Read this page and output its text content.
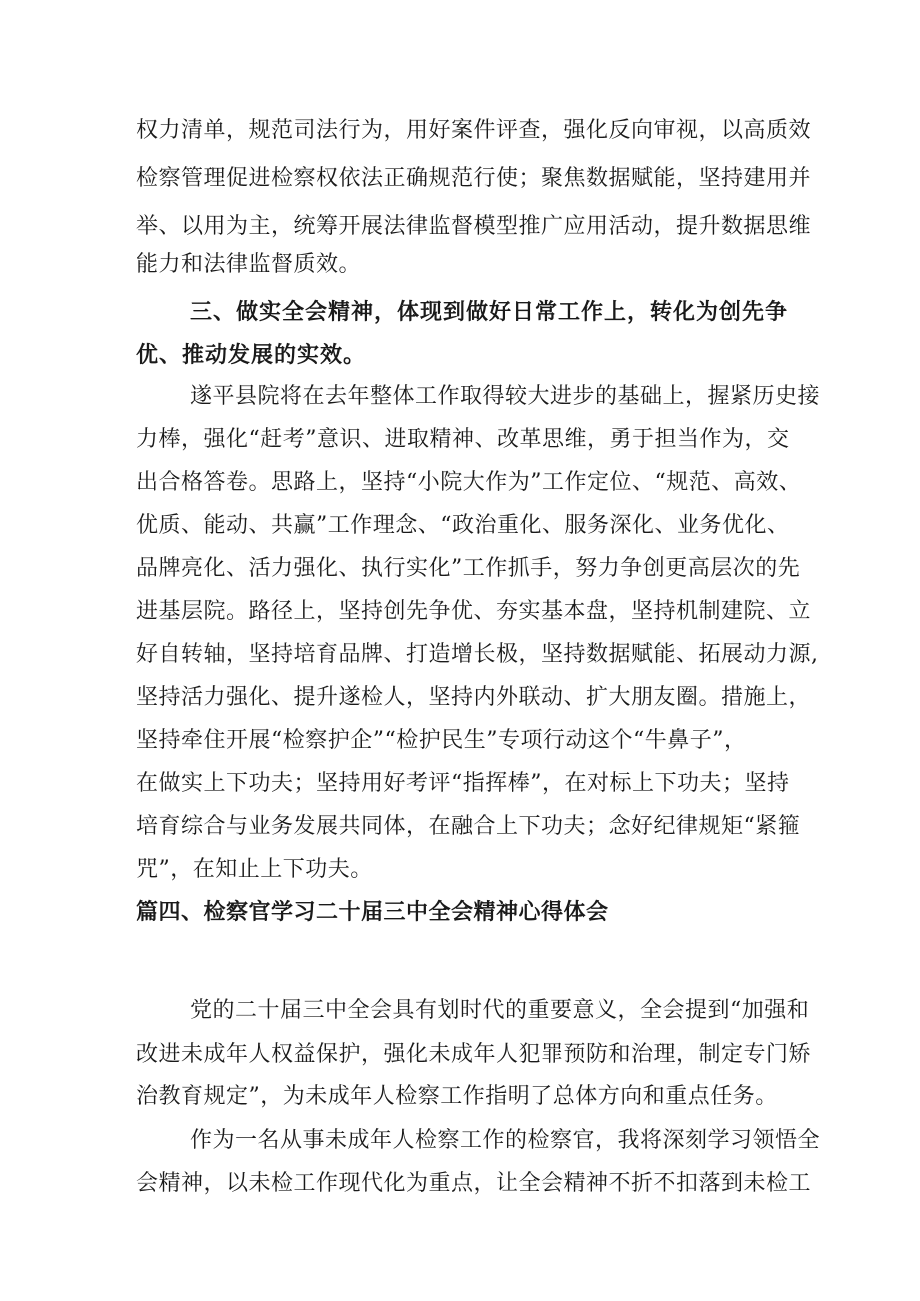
权力清单，规范司法行为，用好案件评查，强化反向审视，以高质效
检察管理促进检察权依法正确规范行使；聚焦数据赋能，坚持建用并
举、以用为主，统筹开展法律监督模型推广应用活动，提升数据思维
能力和法律监督质效。
三、做实全会精神，体现到做好日常工作上，转化为创先争
优、推动发展的实效。
遂平县院将在去年整体工作取得较大进步的基础上，握紧历史接
力棒，强化“赶考”意识、进取精神、改革思维，勇于担当作为，交
出合格答卷。思路上，坚持“小院大作为”工作定位、“规范、高效、
优质、能动、共赢”工作理念、“政治重化、服务深化、业务优化、
品牌亮化、活力强化、执行实化”工作抓手，努力争创更高层次的先
进基层院。路径上，坚持创先争优、夯实基本盘，坚持机制建院、立
好自转轴，坚持培育品牌、打造增长极，坚持数据赋能、拓展动力源,
坚持活力强化、提升遂检人，坚持内外联动、扩大朋友圈。措施上，
坚持牵住开展“检察护企”“检护民生”专项行动这个“牛鼻子”，
在做实上下功夫；坚持用好考评“指挥棒”，在对标上下功夫；坚持
培育综合与业务发展共同体，在融合上下功夫；念好纪律规矩“紧箍
咒”，在知止上下功夫。
篇四、检察官学习二十届三中全会精神心得体会
党的二十届三中全会具有划时代的重要意义，全会提到“加强和
改进未成年人权益保护，强化未成年人犯罪预防和治理，制定专门矫
治教育规定”，为未成年人检察工作指明了总体方向和重点任务。
作为一名从事未成年人检察工作的检察官，我将深刻学习领悟全
会精神，以未检工作现代化为重点，让全会精神不折不扣落到未检工
